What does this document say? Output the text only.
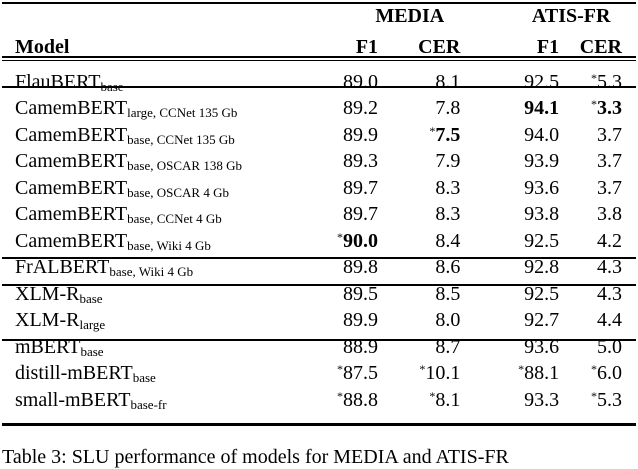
	MEDIA		ATIS-FR	
Model	F1	CER	F1	CER
FlauBERT$_{base}$	89.0	8.1	92.5	*5.3
CamemBERT$_{large, CCNet 135 Gb}$	89.2	7.8	94.1	*3.3
CamemBERT$_{base, CCNet 135 Gb}$	89.9	*7.5	94.0	3.7
CamemBERT$_{base, OSCAR 138 Gb}$	89.3	7.9	93.9	3.7
CamemBERT$_{base, OSCAR 4 Gb}$	89.7	8.3	93.6	3.7
CamemBERT$_{base, CCNet 4 Gb}$	89.7	8.3	93.8	3.8
CamemBERT$_{base, Wiki 4 Gb}$	*90.0	8.4	92.5	4.2
FrALBERT$_{base, Wiki 4 Gb}$	89.8	8.6	92.8	4.3
XLM-$R_{base}$	89.5	8.5	92.5	4.3
XLM-$R_{large}$	89.9	8.0	92.7	4.4
mBERT$_{base}$	88.9	8.7	93.6	5.0
distill-mBERT$_{base}$	*87.5	*10.1	*88.1	*6.0
small-mBERT$_{base-fr}$	*88.8	*8.1	93.3	*5.3
Table 3: SLU performance of models for MEDIA and ATIS-FR
